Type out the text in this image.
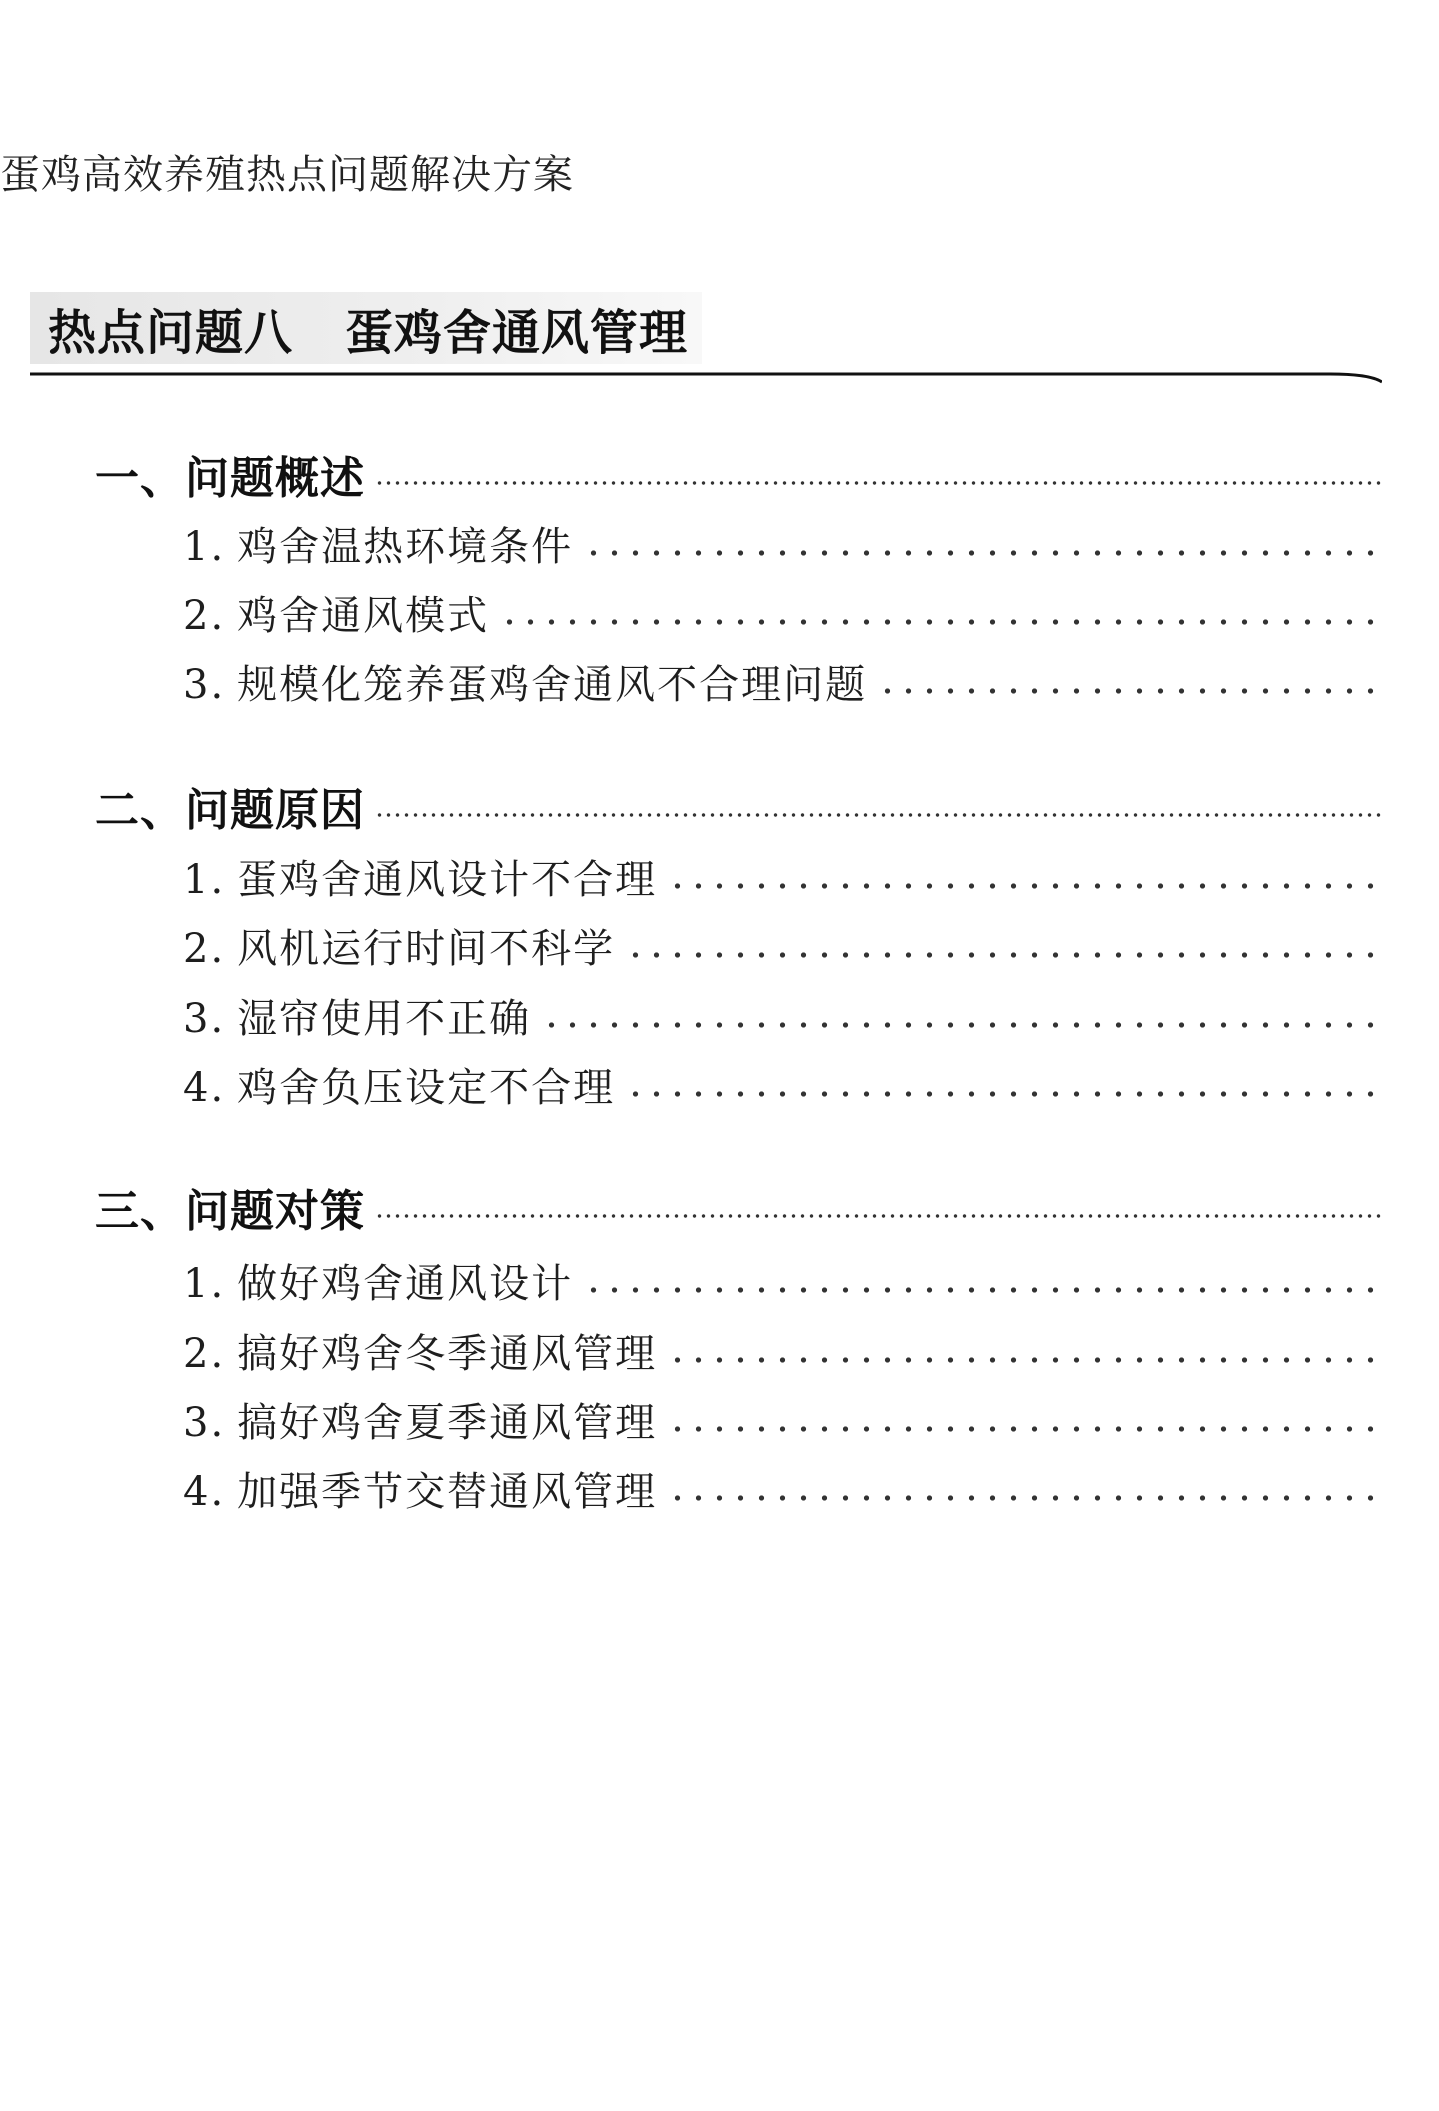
蛋鸡高效养殖热点问题解决方案
热点问题八 蛋鸡舍通风管理
一、 问题概述
1. 鸡舍温热环境条件
2. 鸡舍通风模式
3. 规模化笼养蛋鸡舍通风不合理问题
二、 问题原因
1. 蛋鸡舍通风设计不合理
2. 风机运行时间不科学
3. 湿帘使用不正确
4. 鸡舍负压设定不合理
三、 问题对策
1. 做好鸡舍通风设计
2. 搞好鸡舍冬季通风管理
3. 搞好鸡舍夏季通风管理
4. 加强季节交替通风管理
